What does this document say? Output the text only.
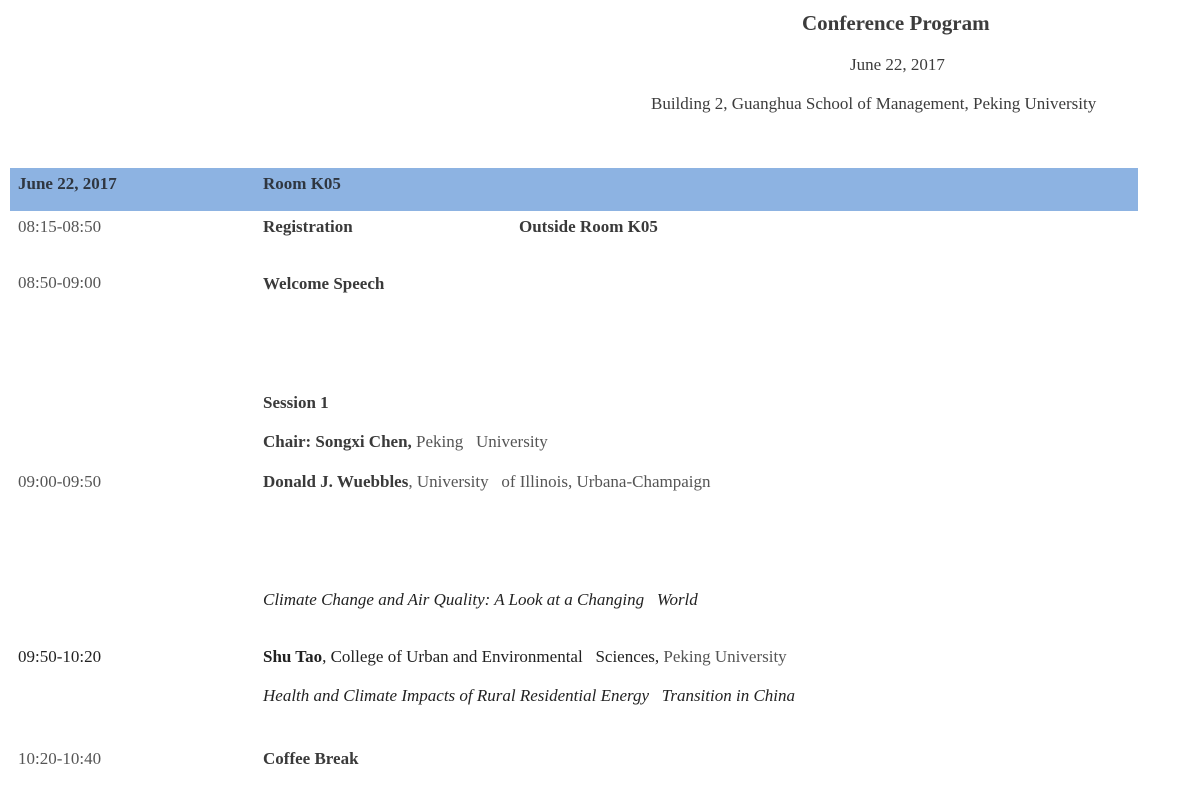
Conference Program
June 22, 2017
Building 2, Guanghua School of Management, Peking University
June 22, 2017	Room K05
08:15-08:50	Registration	Outside Room K05
08:50-09:00	Welcome Speech
Session 1
Chair: Songxi Chen, Peking   University
09:00-09:50	Donald J. Wuebbles, University   of Illinois, Urbana-Champaign
Climate Change and Air Quality: A Look at a Changing   World
09:50-10:20	Shu Tao, College of Urban and Environmental   Sciences, Peking University
Health and Climate Impacts of Rural Residential Energy   Transition in China
10:20-10:40	Coffee Break
